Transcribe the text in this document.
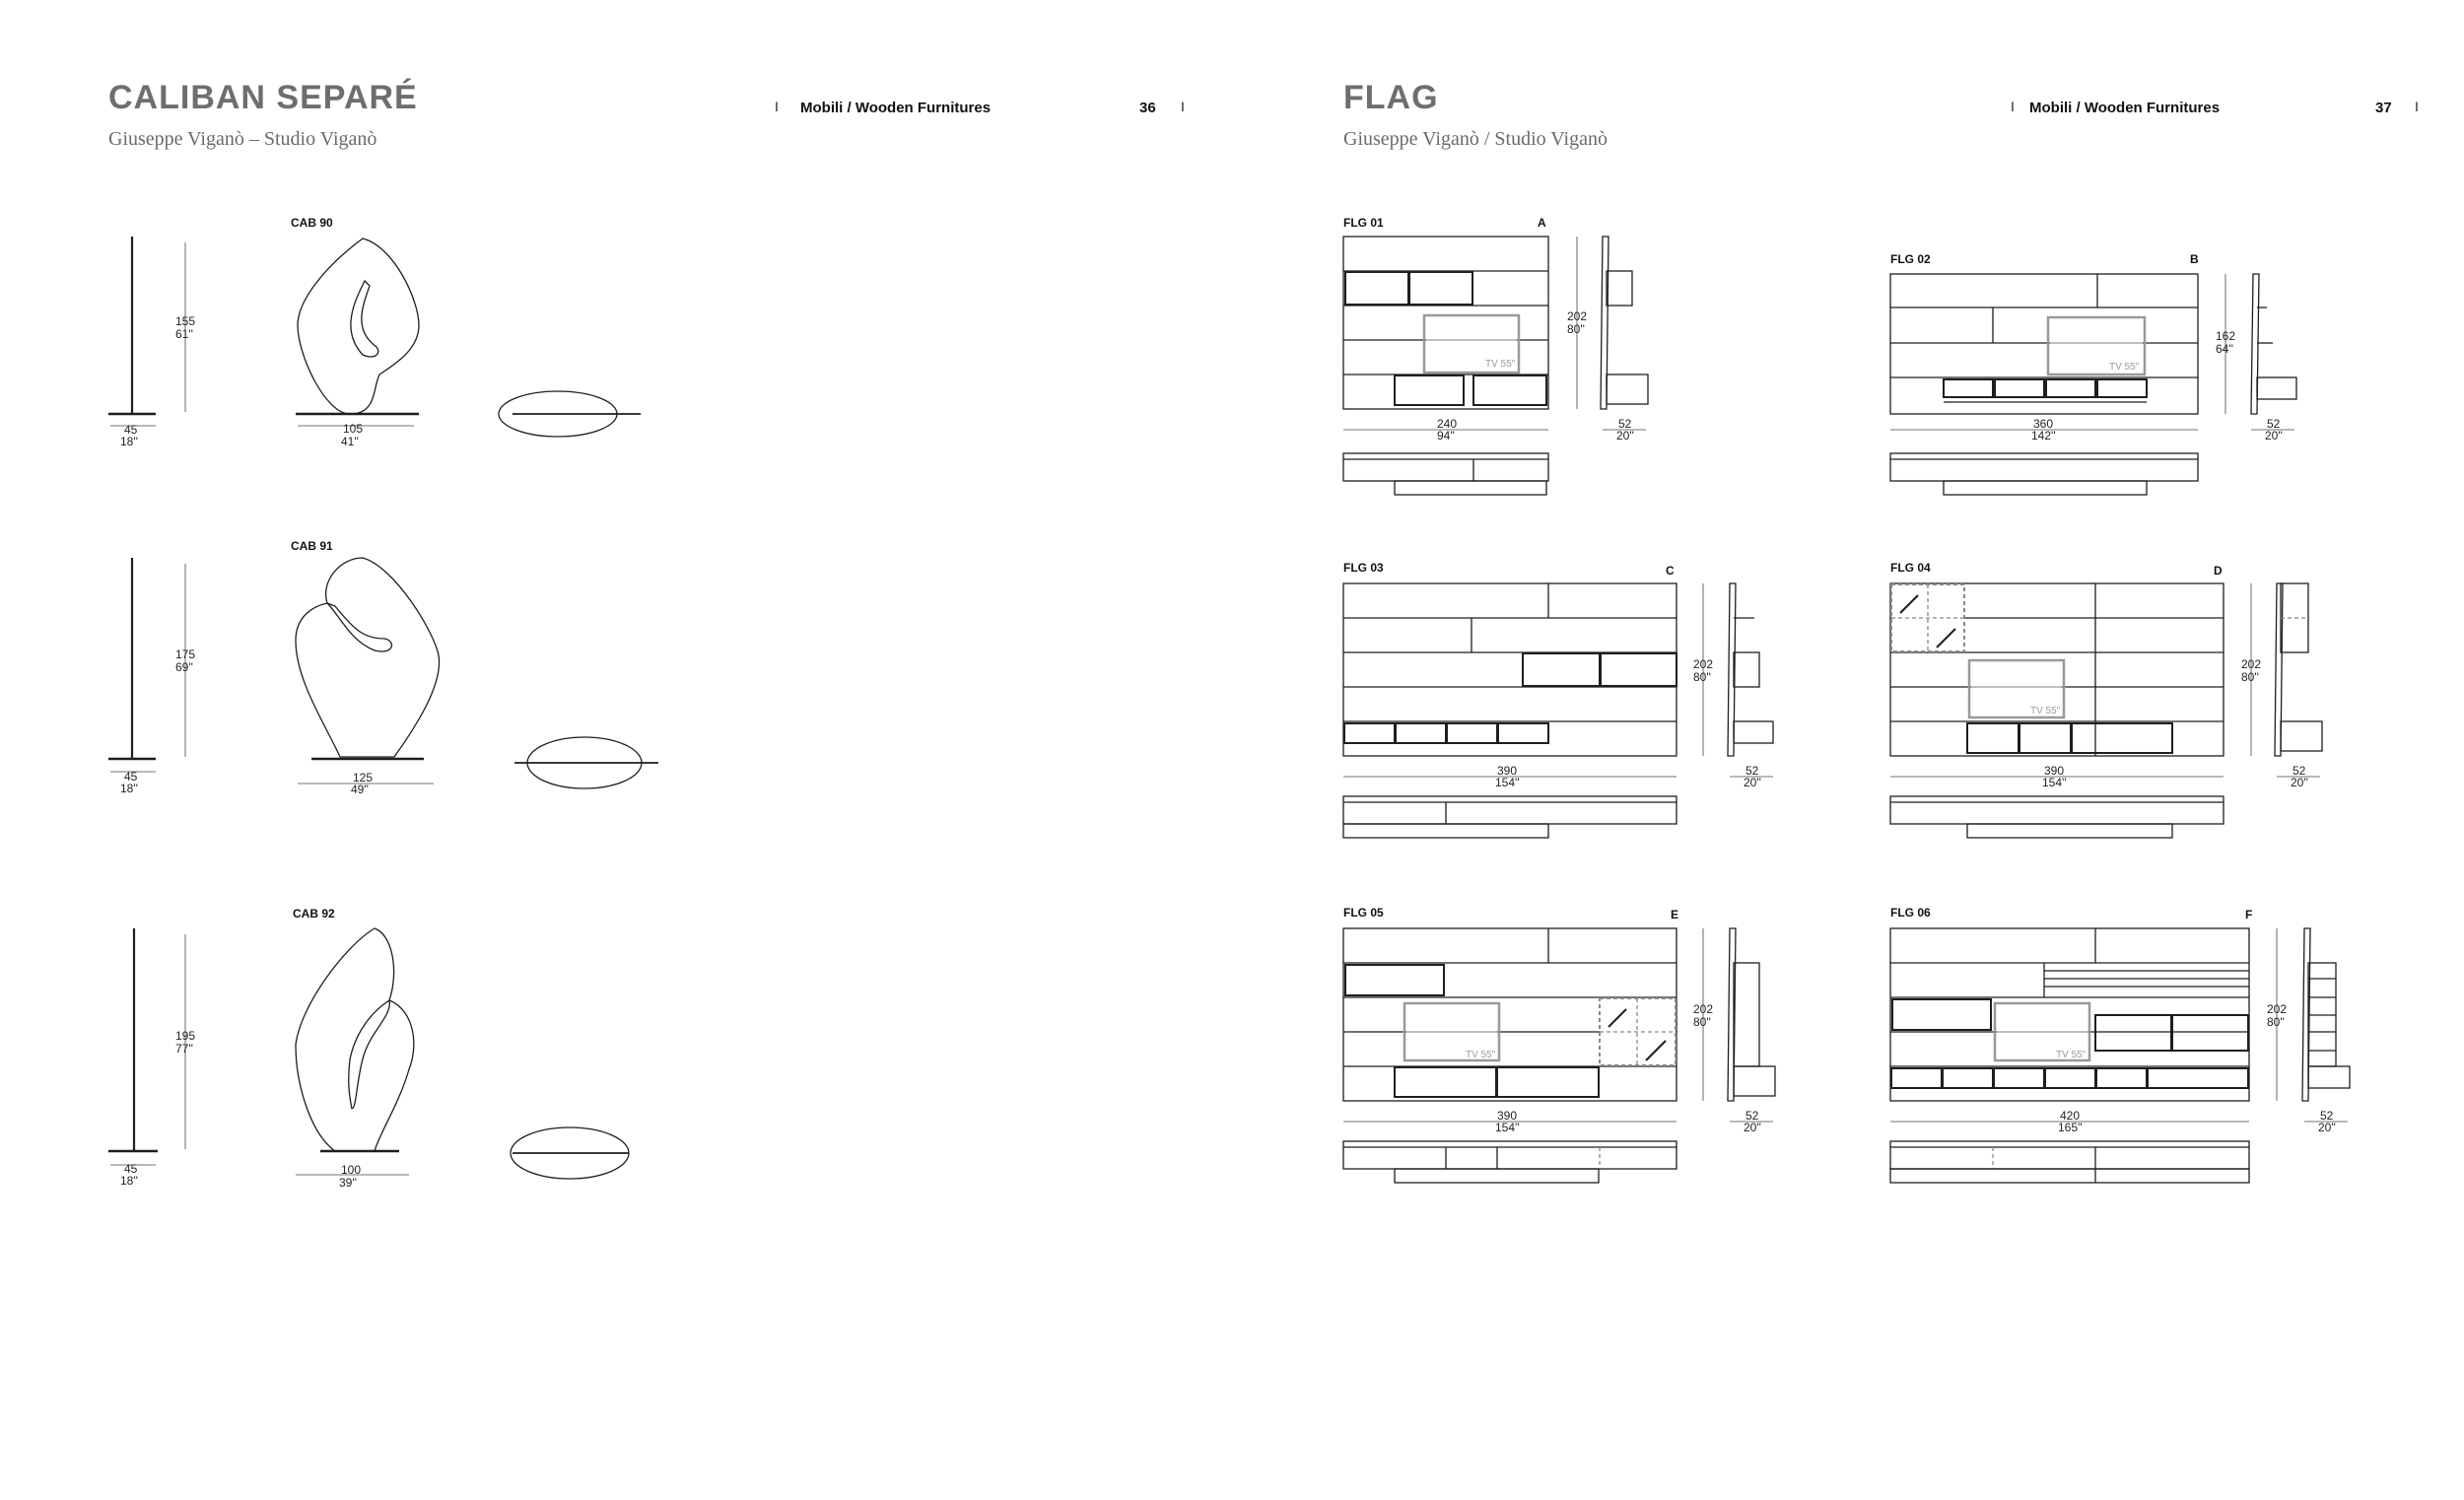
CALIBAN SEPARÉ
Giuseppe Viganò – Studio Viganò
I Mobili / Wooden Furnitures	36 I	FLAG
Giuseppe Viganò / Studio Viganò
I Mobili / Wooden Furnitures	37 I
CAB 90
CAB 91
CAB 92
FLG 01	A
FLG 02	B
FLG 03	C	FLG 04	D
FLG 05	E	FLG 06	F
155
61''
45
18''
105
41''
175
69''
45
18''
125
49''
195
77''
45
18''
100
39''
TV 55"
240
94''
202
80''
52
20''
TV 55"
360
142''
162
64''
52
20''
390
154''
202
80''
52
20''
TV 55"
390
154''
202
80''
52
20''
TV 55"
390
154''
202
80''
52
20''
TV 55"
420
165''
202
80''
52
20''
